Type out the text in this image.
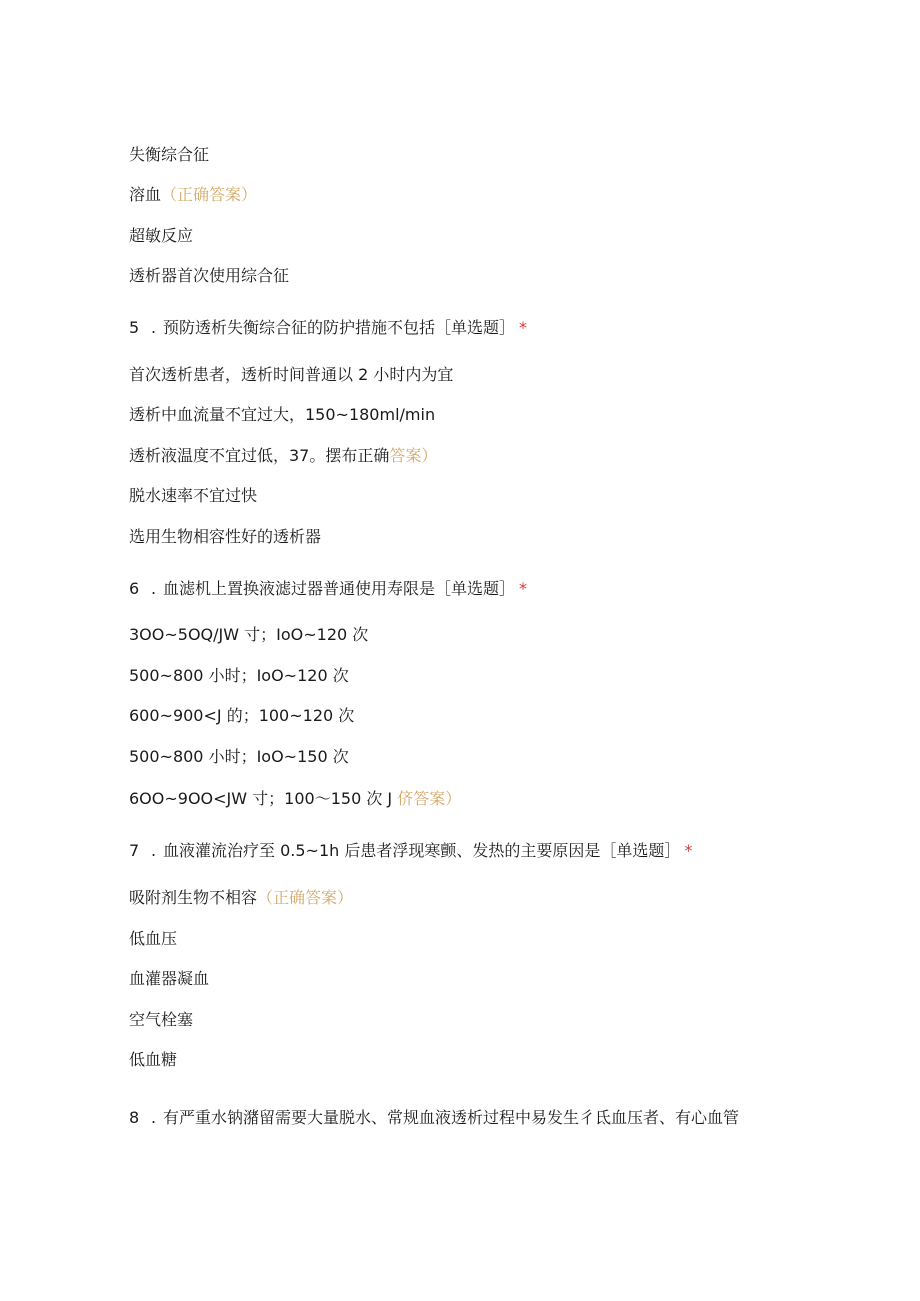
失衡综合征
溶血（正确答案）
超敏反应
透析器首次使用综合征
5 . 预防透析失衡综合征的防护措施不包括［单选题］ *
首次透析患者，透析时间普通以 2 小时内为宜
透析中血流量不宜过大，150~180ml/min
透析液温度不宜过低，37。摆布正确答案）
脱水速率不宜过快
选用生物相容性好的透析器
6 . 血滤机上置换液滤过器普通使用寿限是［单选题］ *
3OO~5OQ/JW 寸；IoO~120 次
500~800 小时；IoO~120 次
600~900<J 的；100~120 次
500~800 小时；IoO~150 次
6OO~9OO<JW 寸；100～150 次 J 侪答案）
7 . 血液灌流治疗至 0.5~1h 后患者浮现寒颤、发热的主要原因是［单选题］ *
吸附剂生物不相容（正确答案）
低血压
血灌器凝血
空气栓塞
低血糖
8 . 有严重水钠潴留需要大量脱水、常规血液透析过程中易发生彳氐血压者、有心血管
